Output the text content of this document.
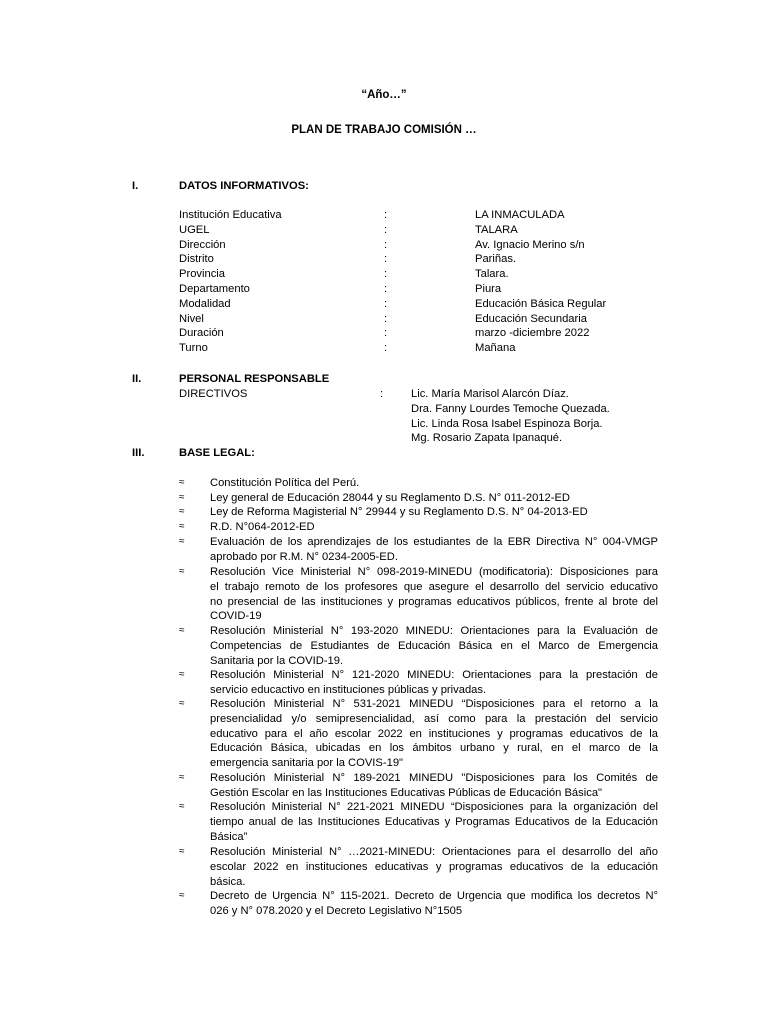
“Año…”
PLAN DE TRABAJO COMISIÓN …
I.	DATOS INFORMATIVOS:
Institución Educativa	:	LA INMACULADA
UGEL	:	TALARA
Dirección	:	Av. Ignacio Merino s/n
Distrito	:	Pariñas.
Provincia	:	Talara.
Departamento	:	Piura
Modalidad	:	Educación Básica Regular
Nivel	:	Educación Secundaria
Duración	:	marzo -diciembre 2022
Turno	:	Mañana
II.	PERSONAL RESPONSABLE
DIRECTIVOS	: Lic. María Marisol Alarcón Díaz.
Dra. Fanny Lourdes Temoche Quezada.
Lic. Linda Rosa Isabel Espinoza Borja.
Mg. Rosario Zapata Ipanaqué.
III.	BASE LEGAL:
≈	Constitución Política del Perú.
≈	Ley general de Educación 28044 y su Reglamento D.S. N° 011-2012-ED
≈	Ley de Reforma Magisterial N° 29944 y su Reglamento D.S. N° 04-2013-ED
≈	R.D. N°064-2012-ED
≈	Evaluación de los aprendizajes de los estudiantes de la EBR Directiva N° 004-VMGP
aprobado por R.M. N° 0234-2005-ED.
≈	Resolución Vice Ministerial N° 098-2019-MINEDU (modificatoria): Disposiciones para
el trabajo remoto de los profesores que asegure el desarrollo del servicio educativo
no presencial de las instituciones y programas educativos públicos, frente al brote del
COVID-19
≈	Resolución Ministerial N° 193-2020 MINEDU: Orientaciones para la Evaluación de
Competencias de Estudiantes de Educación Básica en el Marco de Emergencia
Sanitaria por la COVID-19.
≈	Resolución Ministerial N° 121-2020 MINEDU: Orientaciones para la prestación de
servicio educactivo en instituciones públicas y privadas.
≈	Resolución Ministerial N° 531-2021 MINEDU “Disposiciones para el retorno a la
presencialidad y/o semipresencialidad, así como para la prestación del servicio
educativo para el año escolar 2022 en instituciones y programas educativos de la
Educación Básica, ubicadas en los ámbitos urbano y rural, en el marco de la
emergencia sanitaria por la COVIS-19"
≈	Resolución Ministerial N° 189-2021 MINEDU "Disposiciones para los Comités de
Gestión Escolar en las Instituciones Educativas Públicas de Educación Básica"
≈	Resolución Ministerial N° 221-2021 MINEDU “Disposiciones para la organización del
tiempo anual de las Instituciones Educativas y Programas Educativos de la Educación
Básica”
≈	Resolución Ministerial N° …2021-MINEDU: Orientaciones para el desarrollo del año
escolar 2022 en instituciones educativas y programas educativos de la educación
básica.
≈	Decreto de Urgencia N° 115-2021. Decreto de Urgencia que modifica los decretos N°
026 y N° 078.2020 y el Decreto Legislativo N°1505
